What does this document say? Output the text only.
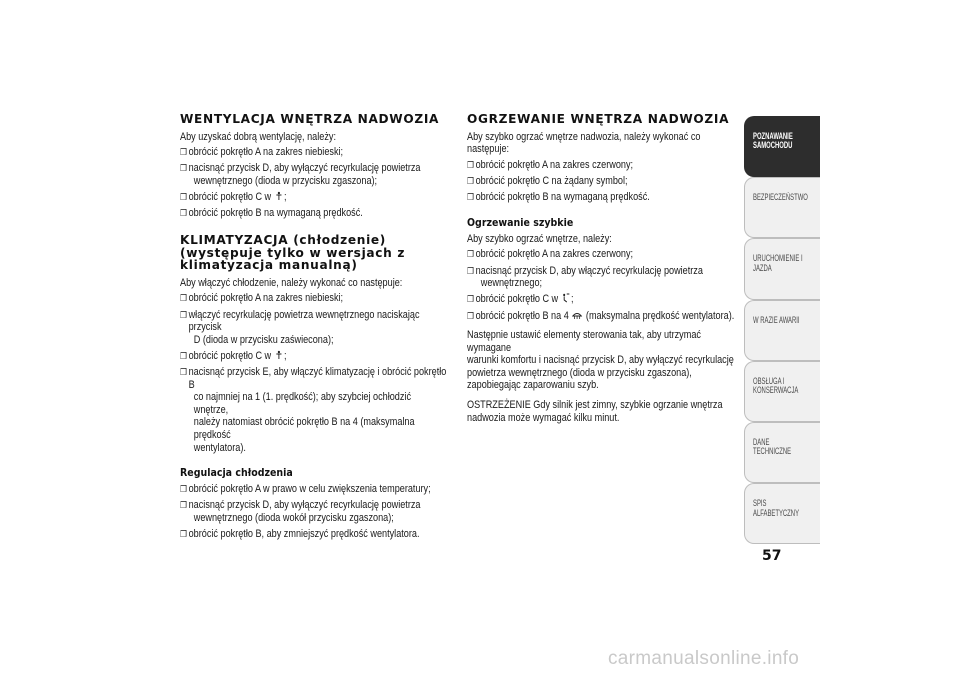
WENTYLACJA WNĘTRZA NADWOZIA

Aby uzyskać dobrą wentylację, należy:

❒ obrócić pokrętło A na zakres niebieski;
❒ nacisnąć przycisk D, aby wyłączyć recyrkulację powietrza
wewnętrznego (dioda w przycisku zgaszona);
❒ obrócić pokrętło C w ;
❒ obrócić pokrętło B na wymaganą prędkość.
KLIMATYZACJA (chłodzenie)
(występuje tylko w wersjach z
klimatyzacja manualną)

Aby włączyć chłodzenie, należy wykonać co następuje:

❒ obrócić pokrętło A na zakres niebieski;
❒ włączyć recyrkulację powietrza wewnętrznego naciskając przycisk
D (dioda w przycisku zaświecona);
❒ obrócić pokrętło C w ;
❒ nacisnąć przycisk E, aby włączyć klimatyzację i obrócić pokrętło B
co najmniej na 1 (1. prędkość); aby szybciej ochłodzić wnętrze,
należy natomiast obrócić pokrętło B na 4 (maksymalna prędkość
wentylatora).
Regulacja chłodzenia
❒ obrócić pokrętło A w prawo w celu zwiększenia temperatury;
❒ nacisnąć przycisk D, aby wyłączyć recyrkulację powietrza
wewnętrznego (dioda wokół przycisku zgaszona);
❒ obrócić pokrętło B, aby zmniejszyć prędkość wentylatora.
OGRZEWANIE WNĘTRZA NADWOZIA

Aby szybko ogrzać wnętrze nadwozia, należy wykonać co następuje:

❒ obrócić pokrętło A na zakres czerwony;
❒ obrócić pokrętło C na żądany symbol;
❒ obrócić pokrętło B na wymaganą prędkość.
Ogrzewanie szybkie

Aby szybko ogrzać wnętrze, należy:

❒ obrócić pokrętło A na zakres czerwony;
❒ nacisnąć przycisk D, aby włączyć recyrkulację powietrza
wewnętrznego;
❒ obrócić pokrętło C w ;
❒ obrócić pokrętło B na 4 (maksymalna prędkość wentylatora).

Następnie ustawić elementy sterowania tak, aby utrzymać wymagane
warunki komfortu i nacisnąć przycisk D, aby wyłączyć recyrkulację
powietrza wewnętrznego (dioda w przycisku zgaszona),
zapobiegając zaparowaniu szyb.

OSTRZEŻENIE Gdy silnik jest zimny, szybkie ogrzanie wnętrza
nadwozia może wymagać kilku minut.

POZNAWANIE
SAMOCHODU
BEZPIECZEŃSTWO
URUCHOMIENIE I
JAZDA
W RAZIE AWARII
OBSŁUGA I
KONSERWACJA
DANE TECHNICZNE
SPIS ALFABETYCZNY
57
carmanualsonline.info
